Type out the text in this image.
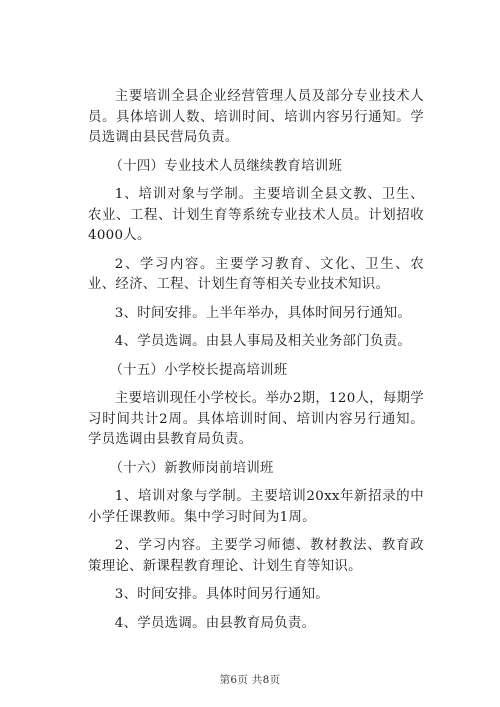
主要培训全县企业经营管理人员及部分专业技术人员。具体培训人数、培训时间、培训内容另行通知。学员选调由县民营局负责。

（十四）专业技术人员继续教育培训班

1、培训对象与学制。主要培训全县文教、卫生、农业、工程、计划生育等系统专业技术人员。计划招收4000人。

2、学习内容。主要学习教育、文化、卫生、农业、经济、工程、计划生育等相关专业技术知识。

3、时间安排。上半年举办，具体时间另行通知。

4、学员选调。由县人事局及相关业务部门负责。

（十五）小学校长提高培训班

主要培训现任小学校长。举办2期，120人，每期学习时间共计2周。具体培训时间、培训内容另行通知。学员选调由县教育局负责。

（十六）新教师岗前培训班

1、培训对象与学制。主要培训20xx年新招录的中小学任课教师。集中学习时间为1周。

2、学习内容。主要学习师德、教材教法、教育政策理论、新课程教育理论、计划生育等知识。

3、时间安排。具体时间另行通知。

4、学员选调。由县教育局负责。

第6页 共8页
